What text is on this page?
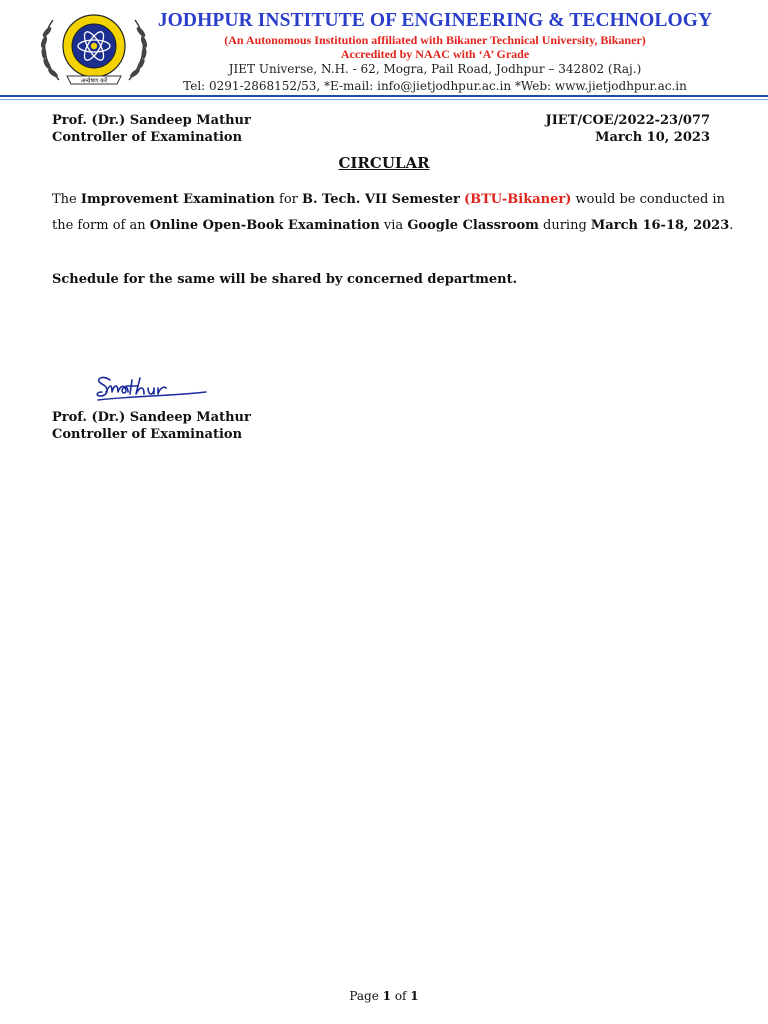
अन्वेषण करें
JODHPUR INSTITUTE OF ENGINEERING & TECHNOLOGY
(An Autonomous Institution affiliated with Bikaner Technical University, Bikaner)
Accredited by NAAC with ‘A’ Grade
JIET Universe, N.H. - 62, Mogra, Pail Road, Jodhpur – 342802 (Raj.)
Tel: 0291-2868152/53, *E-mail: info@jietjodhpur.ac.in *Web: www.jietjodhpur.ac.in
Prof. (Dr.) Sandeep Mathur
Controller of Examination
JIET/COE/2022-23/077
March 10, 2023
CIRCULAR
The Improvement Examination for B. Tech. VII Semester (BTU-Bikaner) would be conducted in
the form of an Online Open-Book Examination via Google Classroom during March 16-18, 2023.
Schedule for the same will be shared by concerned department.
Prof. (Dr.) Sandeep Mathur
Controller of Examination
Page 1 of 1
